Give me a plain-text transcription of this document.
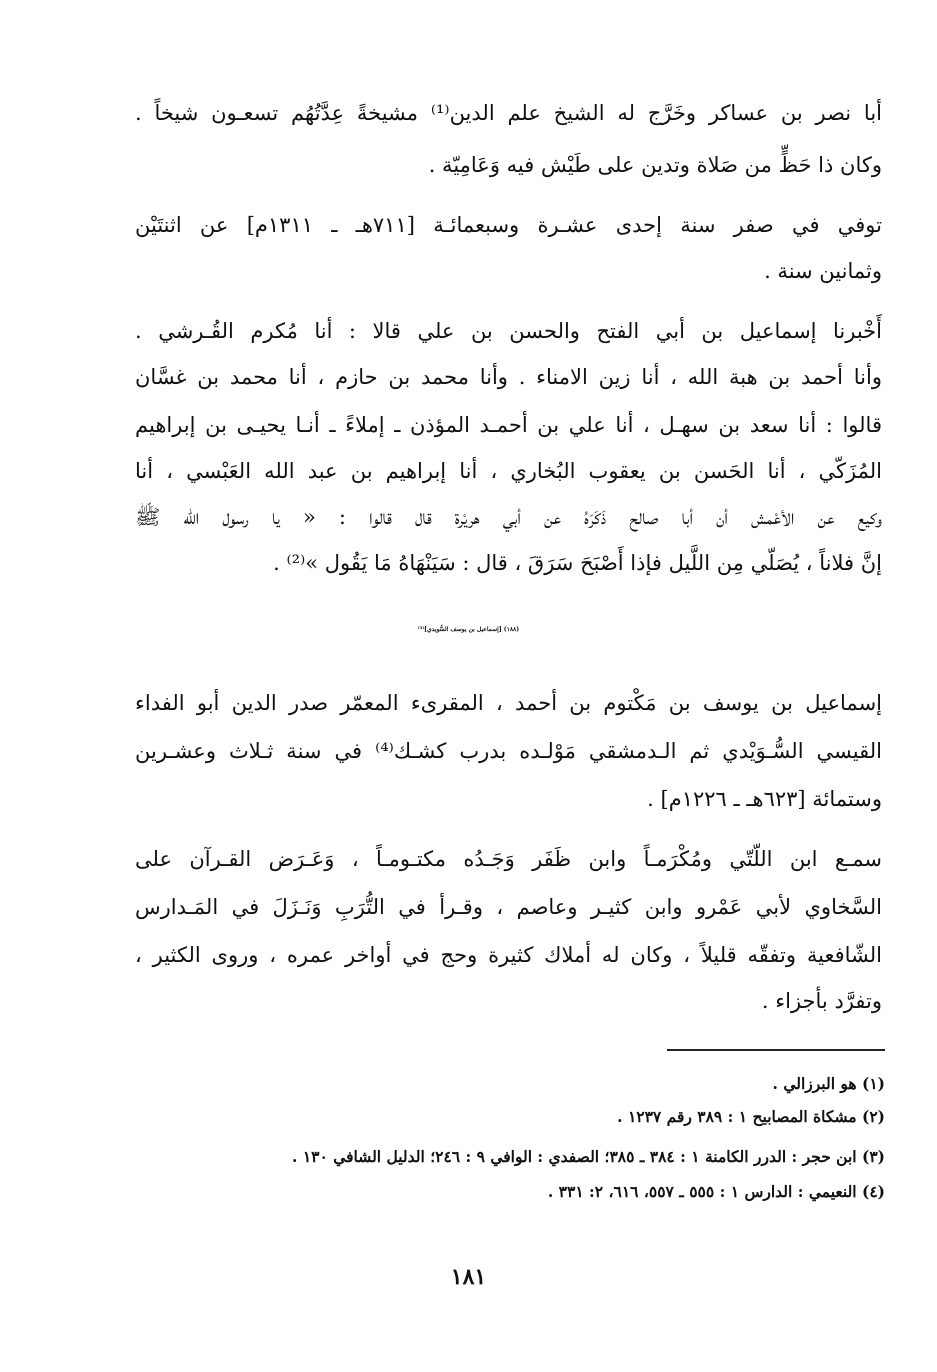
أبا نصر بن عساكر وخَرَّج له الشيخ علم الدين⁽¹⁾ مشيخةً عِدَّتُهُم تسعـون شيخاً .
وكان ذا حَظٍّ من صَلاة وتدين على طَيْش فيه وَعَامِيّة .
توفي في صفر سنة إحدى عشـرة وسبعمائـة [٧١١هـ ـ ١٣١١م] عن اثنتَيْن
وثمانين سنة .
أَخْبرنا إسماعيل بن أبي الفتح والحسن بن علي قالا : أنا مُكرم القُـرشي .
وأنا أحمد بن هبة الله ، أنا زين الامناء . وأنا محمد بن حازم ، أنا محمد بن غسَّان
قالوا : أنا سعد بن سهـل ، أنا علي بن أحمـد المؤذن ـ إملاءً ـ أنـا يحيـى بن إبراهيم
المُزَكّي ، أنا الحَسن بن يعقوب البُخاري ، أنا إبراهيم بن عبد الله العَبْسي ، أنا
وكيع عن الأعْمش أن أبا صالح ذَكَرَهُ عن أبي هريْرة قال قالوا : « يا رسول الله ﷺ
إنَّ فلاناً ، يُصَلّي مِن اللَّيل فإذا أَصْبَحَ سَرَقَ ، قال : سَيَنْهَاهُ مَا يَقُول »⁽²⁾ .
(١٨٨) [إسماعيل بن يوسف السُّويدي]⁽³⁾
إسماعيل بن يوسف بن مَكْتوم بن أحمد ، المقرىء المعمّر صدر الدين أبو الفداء
القيسي السُّـوَيْدي ثم الـدمشقي مَوْلـده بدرب كشـك⁽⁴⁾ في سنة ثـلاث وعشـرين
وستمائة [٦٢٣هـ ـ ١٢٢٦م] .
سمـع ابن اللّتّي ومُكْرَمـاً وابن ظَفَر وَجَـدُه مكتـومـاً ، وَعَـرَض القـرآن على
السَّخاوي لأبي عَمْرو وابن كثيـر وعاصم ، وقـرأ في التُّرَبِ وَنَـزَلَ في المَـدارس
الشّافعية وتفقّه قليلاً ، وكان له أملاك كثيرة وحج في أواخر عمره ، وروى الكثير ،
وتفرَّد بأجزاء .
(١) هو البرزالي .
(٢) مشكاة المصابيح ١ : ٣٨٩ رقم ١٢٣٧ .
(٣) ابن حجر : الدرر الكامنة ١ : ٣٨٤ ـ ٣٨٥؛ الصفدي : الوافي ٩ : ٢٤٦؛ الدليل الشافي ١٣٠ .
(٤) النعيمي : الدارس ١ : ٥٥٥ ـ ٥٥٧، ٦١٦، ٢: ٣٣١ .
١٨١
